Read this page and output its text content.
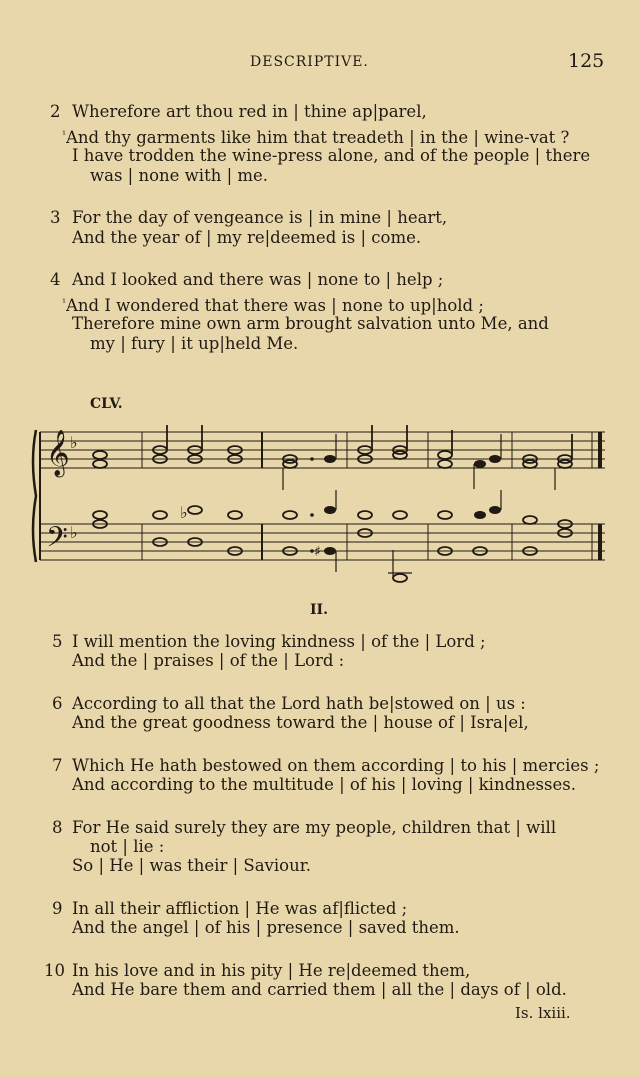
DESCRIPTIVE.	125
2 Wherefore art thou red in | thine ap|parel,
$^{^1}$And thy garments like him that treadeth | in the | wine-vat ?
I have trodden the wine-press alone, and of the people | there
was | none with | me.
3 For the day of vengeance is | in mine | heart,
And the year of | my re|deemed is | come.
4 And I looked and there was | none to | help ;
$^{^1}$And I wondered that there was | none to up|hold ;
Therefore mine own arm brought salvation unto Me, and
my | fury | it up|held Me.
CLV.
𝄞
𝄢
♭
♭
♭
♯
II.
5 I will mention the loving kindness | of the | Lord ;
And the | praises | of the | Lord :
6 According to all that the Lord hath be|stowed on | us :
And the great goodness toward the | house of | Isra|el,
7 Which He hath bestowed on them according | to his | mercies ;
And according to the multitude | of his | loving | kindnesses.
8 For He said surely they are my people, children that | will
not | lie :
So | He | was their | Saviour.
9 In all their affliction | He was af|flicted ;
And the angel | of his | presence | saved them.
10 In his love and in his pity | He re|deemed them,
And He bare them and carried them | all the | days of | old.
Is. lxiii.
